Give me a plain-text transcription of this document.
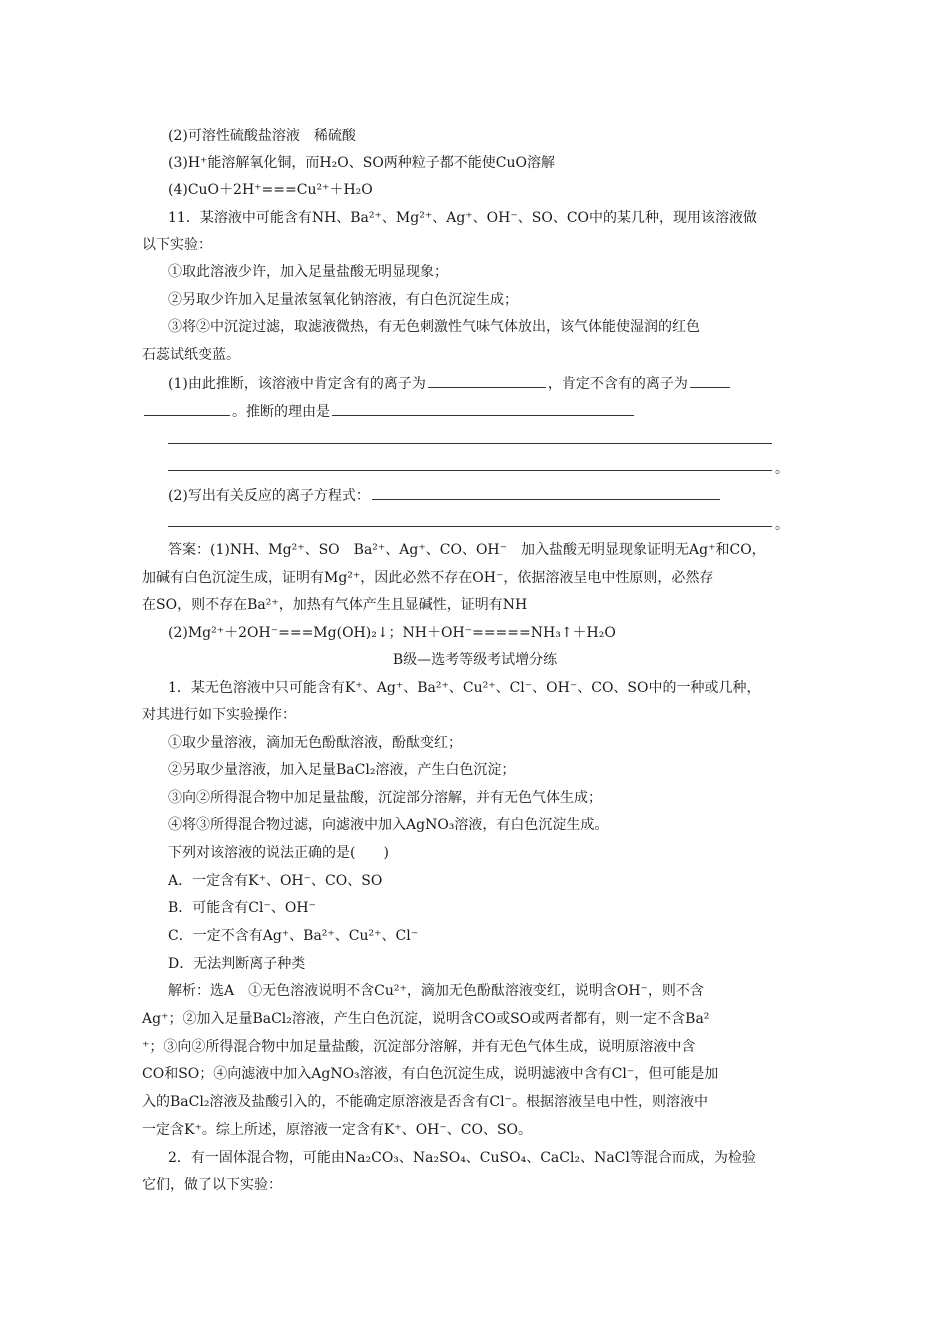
(2)可溶性硫酸盐溶液　稀硫酸
(3)H⁺能溶解氧化铜，而H₂O、SO两种粒子都不能使CuO溶解
(4)CuO＋2H⁺===Cu²⁺＋H₂O
11．某溶液中可能含有NH、Ba²⁺、Mg²⁺、Ag⁺、OH⁻、SO、CO中的某几种，现用该溶液做
以下实验：
①取此溶液少许，加入足量盐酸无明显现象；
②另取少许加入足量浓氢氧化钠溶液，有白色沉淀生成；
③将②中沉淀过滤，取滤液微热，有无色刺激性气味气体放出，该气体能使湿润的红色
石蕊试纸变蓝。
(1)由此推断，该溶液中肯定含有的离子为	，肯定不含有的离子为
。推断的理由是
。
(2)写出有关反应的离子方程式：
。
答案：(1)NH、Mg²⁺、SO　Ba²⁺、Ag⁺、CO、OH⁻　加入盐酸无明显现象证明无Ag⁺和CO，
加碱有白色沉淀生成，证明有Mg²⁺，因此必然不存在OH⁻，依据溶液呈电中性原则，必然存
在SO，则不存在Ba²⁺，加热有气体产生且显碱性，证明有NH
(2)Mg²⁺＋2OH⁻===Mg(OH)₂↓；NH＋OH⁻=====NH₃↑＋H₂O
B级—选考等级考试增分练
1．某无色溶液中只可能含有K⁺、Ag⁺、Ba²⁺、Cu²⁺、Cl⁻、OH⁻、CO、SO中的一种或几种，
对其进行如下实验操作：
①取少量溶液，滴加无色酚酞溶液，酚酞变红；
②另取少量溶液，加入足量BaCl₂溶液，产生白色沉淀；
③向②所得混合物中加足量盐酸，沉淀部分溶解，并有无色气体生成；
④将③所得混合物过滤，向滤液中加入AgNO₃溶液，有白色沉淀生成。
下列对该溶液的说法正确的是(　　)
A．一定含有K⁺、OH⁻、CO、SO
B．可能含有Cl⁻、OH⁻
C．一定不含有Ag⁺、Ba²⁺、Cu²⁺、Cl⁻
D．无法判断离子种类
解析：选A　①无色溶液说明不含Cu²⁺，滴加无色酚酞溶液变红，说明含OH⁻，则不含
Ag⁺；②加入足量BaCl₂溶液，产生白色沉淀，说明含CO或SO或两者都有，则一定不含Ba²
⁺；③向②所得混合物中加足量盐酸，沉淀部分溶解，并有无色气体生成，说明原溶液中含
CO和SO；④向滤液中加入AgNO₃溶液，有白色沉淀生成，说明滤液中含有Cl⁻，但可能是加
入的BaCl₂溶液及盐酸引入的，不能确定原溶液是否含有Cl⁻。根据溶液呈电中性，则溶液中
一定含K⁺。综上所述，原溶液一定含有K⁺、OH⁻、CO、SO。
2．有一固体混合物，可能由Na₂CO₃、Na₂SO₄、CuSO₄、CaCl₂、NaCl等混合而成，为检验
它们，做了以下实验：
